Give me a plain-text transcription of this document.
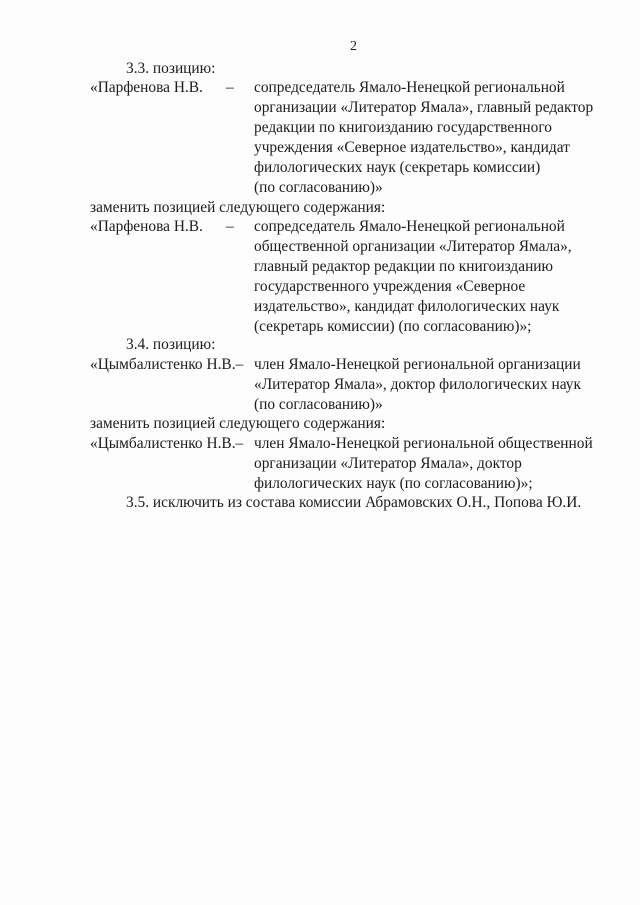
2
3.3. позицию:
«Парфенова Н.В. – сопредседатель Ямало-Ненецкой региональной
организации «Литератор Ямала», главный редактор
редакции по книгоизданию государственного
учреждения «Северное издательство», кандидат
филологических наук (секретарь комиссии)
(по согласованию)»
заменить позицией следующего содержания:
«Парфенова Н.В. – сопредседатель Ямало-Ненецкой региональной
общественной организации «Литератор Ямала»,
главный редактор редакции по книгоизданию
государственного учреждения «Северное
издательство», кандидат филологических наук
(секретарь комиссии) (по согласованию)»;
3.4. позицию:
«Цымбалистенко Н.В.– член Ямало-Ненецкой региональной организации
«Литератор Ямала», доктор филологических наук
(по согласованию)»
заменить позицией следующего содержания:
«Цымбалистенко Н.В.– член Ямало-Ненецкой региональной общественной
организации «Литератор Ямала», доктор
филологических наук (по согласованию)»;
3.5. исключить из состава комиссии Абрамовских О.Н., Попова Ю.И.
